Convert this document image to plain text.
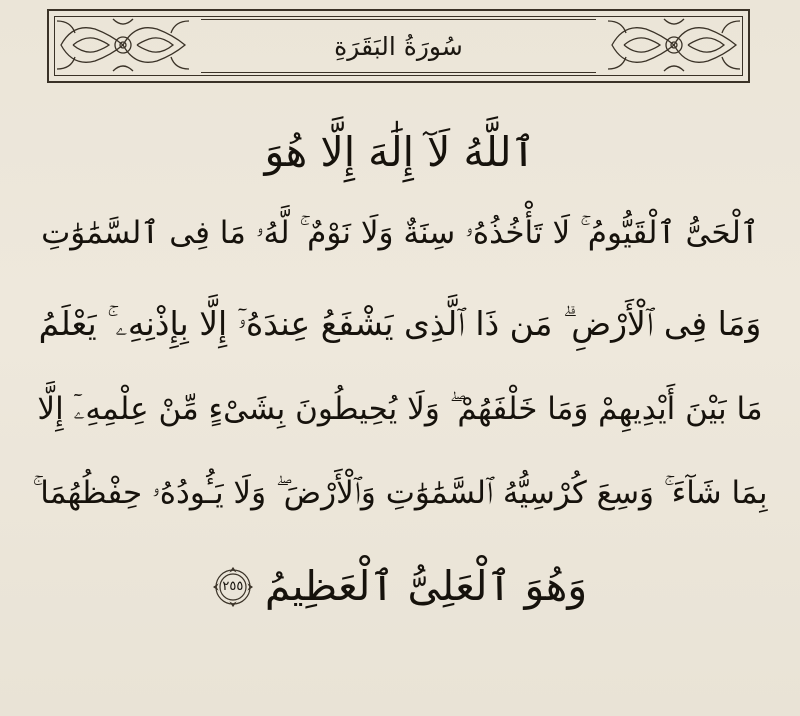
سُورَةُ البَقَرَةِ
ٱللَّهُ لَآ إِلَٰهَ إِلَّا هُوَ
ٱلْحَىُّ ٱلْقَيُّومُ ۚ لَا تَأْخُذُهُۥ سِنَةٌ وَلَا نَوْمٌ ۚ لَّهُۥ مَا فِى ٱلسَّمَٰوَٰتِ
وَمَا فِى ٱلْأَرْضِ ۗ مَن ذَا ٱلَّذِى يَشْفَعُ عِندَهُۥٓ إِلَّا بِإِذْنِهِۦ ۚ يَعْلَمُ
مَا بَيْنَ أَيْدِيهِمْ وَمَا خَلْفَهُمْ ۖ وَلَا يُحِيطُونَ بِشَىْءٍ مِّنْ عِلْمِهِۦٓ إِلَّا
بِمَا شَآءَ ۚ وَسِعَ كُرْسِيُّهُ ٱلسَّمَٰوَٰتِ وَٱلْأَرْضَ ۖ وَلَا يَـُٔودُهُۥ حِفْظُهُمَا ۚ
وَهُوَ ٱلْعَلِىُّ ٱلْعَظِيمُ
٢٥٥
